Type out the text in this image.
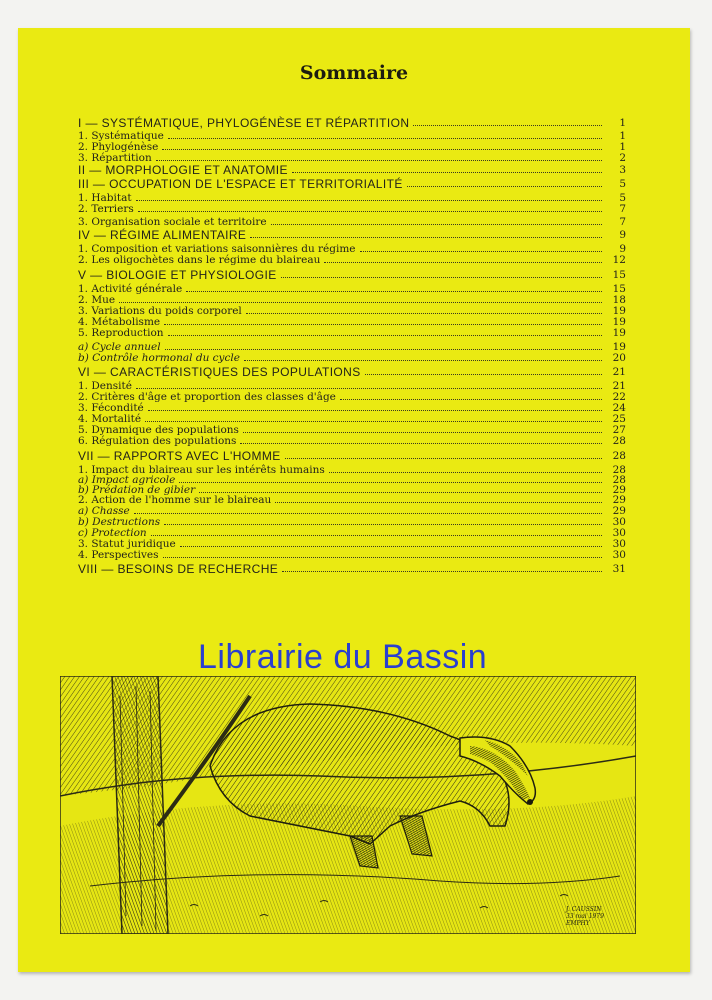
Sommaire
I — SYSTÉMATIQUE, PHYLOGÉNÈSE ET RÉPARTITION	1
1. Systématique	1
2. Phylogénèse	1
3. Répartition	2
II — MORPHOLOGIE ET ANATOMIE	3
III — OCCUPATION DE L'ESPACE ET TERRITORIALITÉ	5
1. Habitat	5
2. Terriers	7
3. Organisation sociale et territoire	7
IV — RÉGIME ALIMENTAIRE	9
1. Composition et variations saisonnières du régime	9
2. Les oligochètes dans le régime du blaireau	12
V — BIOLOGIE ET PHYSIOLOGIE	15
1. Activité générale	15
2. Mue	18
3. Variations du poids corporel	19
4. Métabolisme	19
5. Reproduction	19
a) Cycle annuel	19
b) Contrôle hormonal du cycle	20
VI — CARACTÉRISTIQUES DES POPULATIONS	21
1. Densité	21
2. Critères d'âge et proportion des classes d'âge	22
3. Fécondité	24
4. Mortalité	25
5. Dynamique des populations	27
6. Régulation des populations	28
VII — RAPPORTS AVEC L'HOMME	28
1. Impact du blaireau sur les intérêts humains	28
a) Impact agricole	28
b) Prédation de gibier	29
2. Action de l'homme sur le blaireau	29
a) Chasse	29
b) Destructions	30
c) Protection	30
3. Statut juridique	30
4. Perspectives	30
VIII — BESOINS DE RECHERCHE	31
J. CAUSSIN
33 mai 1979
EMPHY
Librairie du Bassin
